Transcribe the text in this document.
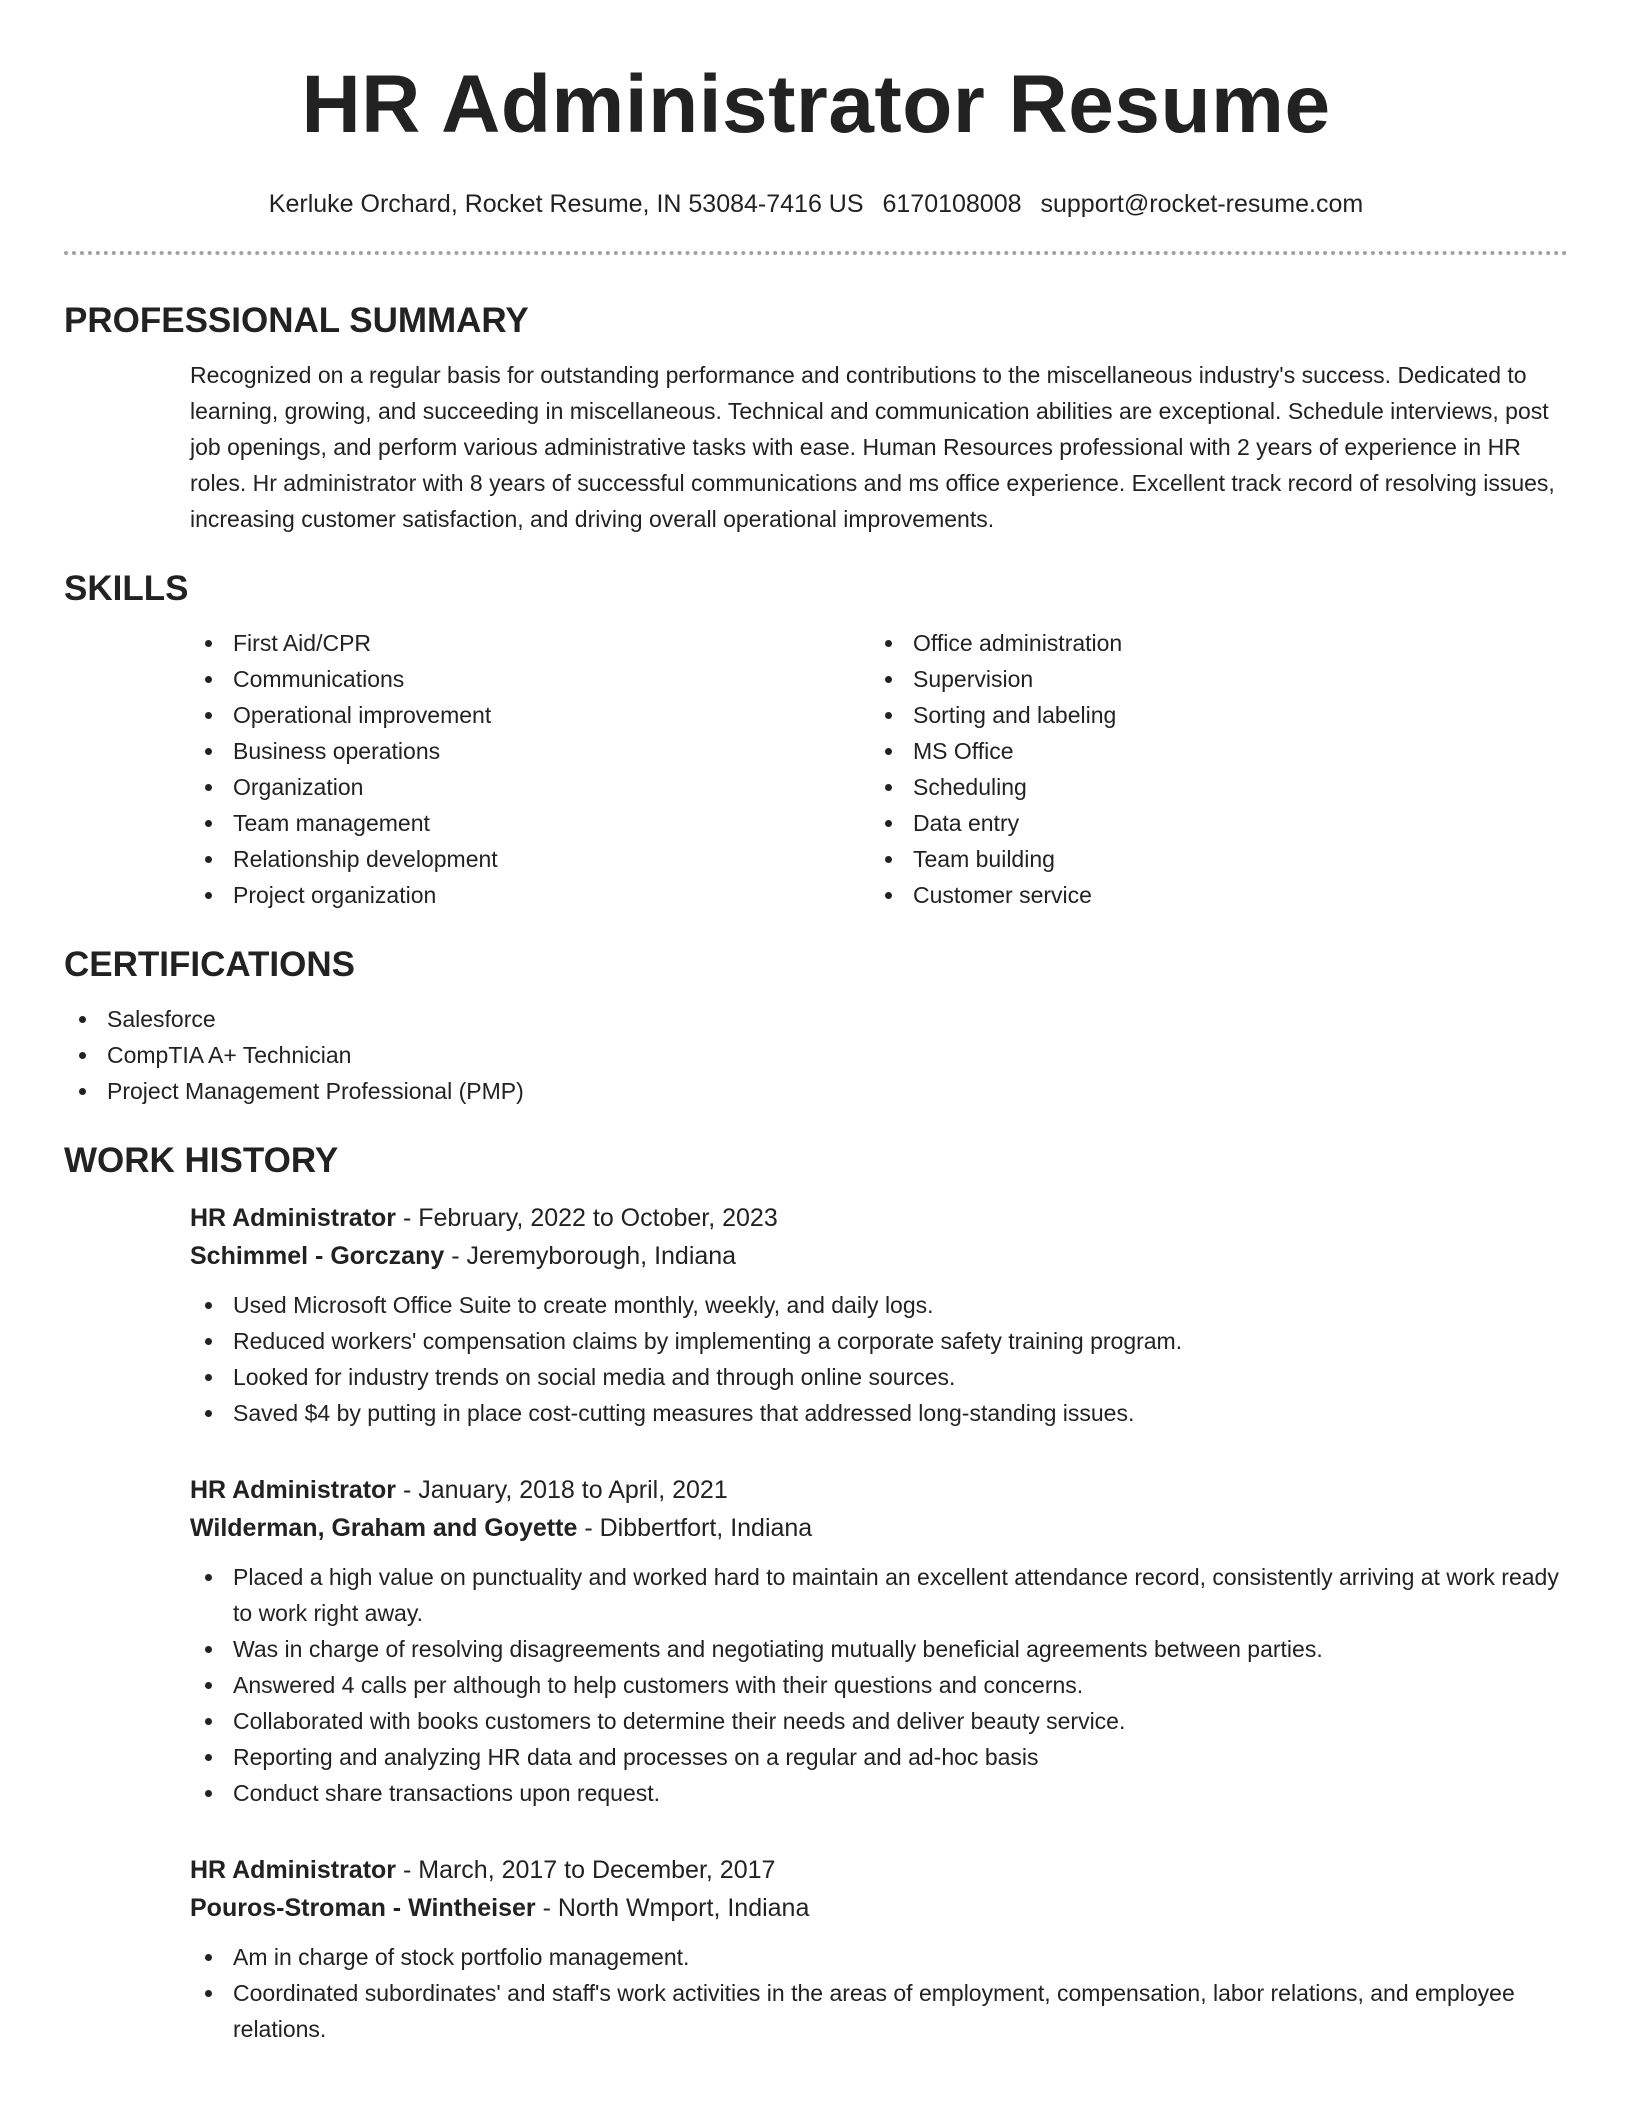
HR Administrator Resume
Kerluke Orchard, Rocket Resume, IN 53084-7416 US 6170108008 support@rocket-resume.com
PROFESSIONAL SUMMARY

Recognized on a regular basis for outstanding performance and contributions to the miscellaneous industry's success. Dedicated to learning, growing, and succeeding in miscellaneous. Technical and communication abilities are exceptional. Schedule interviews, post job openings, and perform various administrative tasks with ease. Human Resources professional with 2 years of experience in HR roles. Hr administrator with 8 years of successful communications and ms office experience. Excellent track record of resolving issues, increasing customer satisfaction, and driving overall operational improvements.

SKILLS
First Aid/CPR
Communications
Operational improvement
Business operations
Organization
Team management
Relationship development
Project organization
Office administration
Supervision
Sorting and labeling
MS Office
Scheduling
Data entry
Team building
Customer service
CERTIFICATIONS
Salesforce
CompTIA A+ Technician
Project Management Professional (PMP)
WORK HISTORY
HR Administrator - February, 2022 to October, 2023
Schimmel - Gorczany - Jeremyborough, Indiana
Used Microsoft Office Suite to create monthly, weekly, and daily logs.
Reduced workers' compensation claims by implementing a corporate safety training program.
Looked for industry trends on social media and through online sources.
Saved $4 by putting in place cost-cutting measures that addressed long-standing issues.
HR Administrator - January, 2018 to April, 2021
Wilderman, Graham and Goyette - Dibbertfort, Indiana
Placed a high value on punctuality and worked hard to maintain an excellent attendance record, consistently arriving at work ready to work right away.
Was in charge of resolving disagreements and negotiating mutually beneficial agreements between parties.
Answered 4 calls per although to help customers with their questions and concerns.
Collaborated with books customers to determine their needs and deliver beauty service.
Reporting and analyzing HR data and processes on a regular and ad-hoc basis
Conduct share transactions upon request.
HR Administrator - March, 2017 to December, 2017
Pouros-Stroman - Wintheiser - North Wmport, Indiana
Am in charge of stock portfolio management.
Coordinated subordinates' and staff's work activities in the areas of employment, compensation, labor relations, and employee relations.
